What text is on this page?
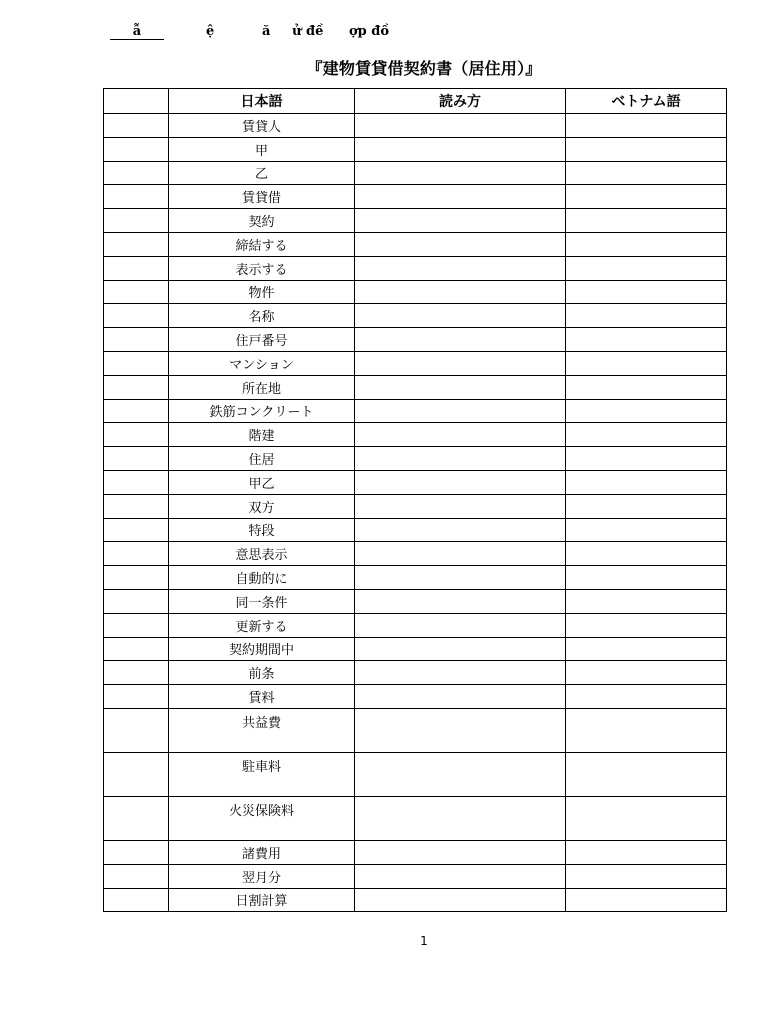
ẫ	ệ	ă ử đề ợp đồ
『建物賃貸借契約書（居住用）』
	日本語	読み方	ベトナム語
	賃貸人		
	甲		
	乙		
	賃貸借		
	契約		
	締結する		
	表示する		
	物件		
	名称		
	住戸番号		
	マンション		
	所在地		
	鉄筋コンクリート		
	階建		
	住居		
	甲乙		
	双方		
	特段		
	意思表示		
	自動的に		
	同一条件		
	更新する		
	契約期間中		
	前条		
	賃料		

	共益費		

	駐車料		

	火災保険料		

	諸費用		
	翌月分		
	日割計算		
1
